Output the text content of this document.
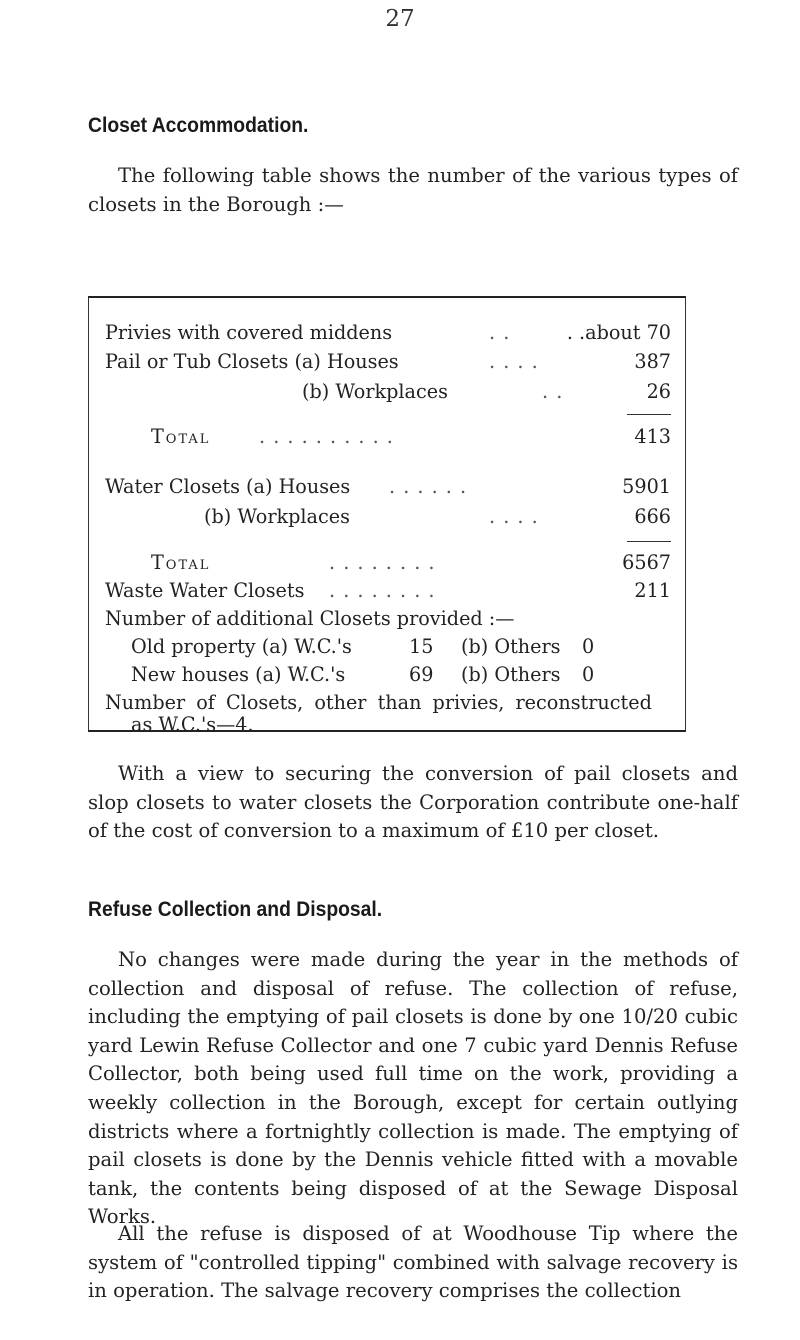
27
Closet Accommodation.

The following table shows the number of the various types of closets in the Borough :—

Privies with covered middens	. .	. .about 70
Pail or Tub Closets (a) Houses	. . . .	387
(b) Workplaces	. .	26
Total	. . . . . . . . . .	413
Water Closets (a) Houses . . . . . .	5901
(b) Workplaces	. . . .	666
Total	. . . . . . . .	6567
Waste Water Closets . . . . . . . .	211
Number of additional Closets provided :—
Old property (a) W.C.'s	15 (b) Others 0
New houses (a) W.C.'s	69 (b) Others 0
Number of Closets, other than privies, reconstructed
as W.C.'s—4.

With a view to securing the conversion of pail closets and slop closets to water closets the Corporation contribute one-half of the cost of conversion to a maximum of £10 per closet.

Refuse Collection and Disposal.

No changes were made during the year in the methods of collection and disposal of refuse. The collection of refuse, including the emptying of pail closets is done by one 10/20 cubic yard Lewin Refuse Collector and one 7 cubic yard Dennis Refuse Collector, both being used full time on the work, providing a weekly collection in the Borough, except for certain outlying districts where a fortnightly collection is made. The emptying of pail closets is done by the Dennis vehicle fitted with a movable tank, the contents being disposed of at the Sewage Disposal Works.

All the refuse is disposed of at Woodhouse Tip where the system of "controlled tipping" combined with salvage recovery is in operation. The salvage recovery comprises the collection
